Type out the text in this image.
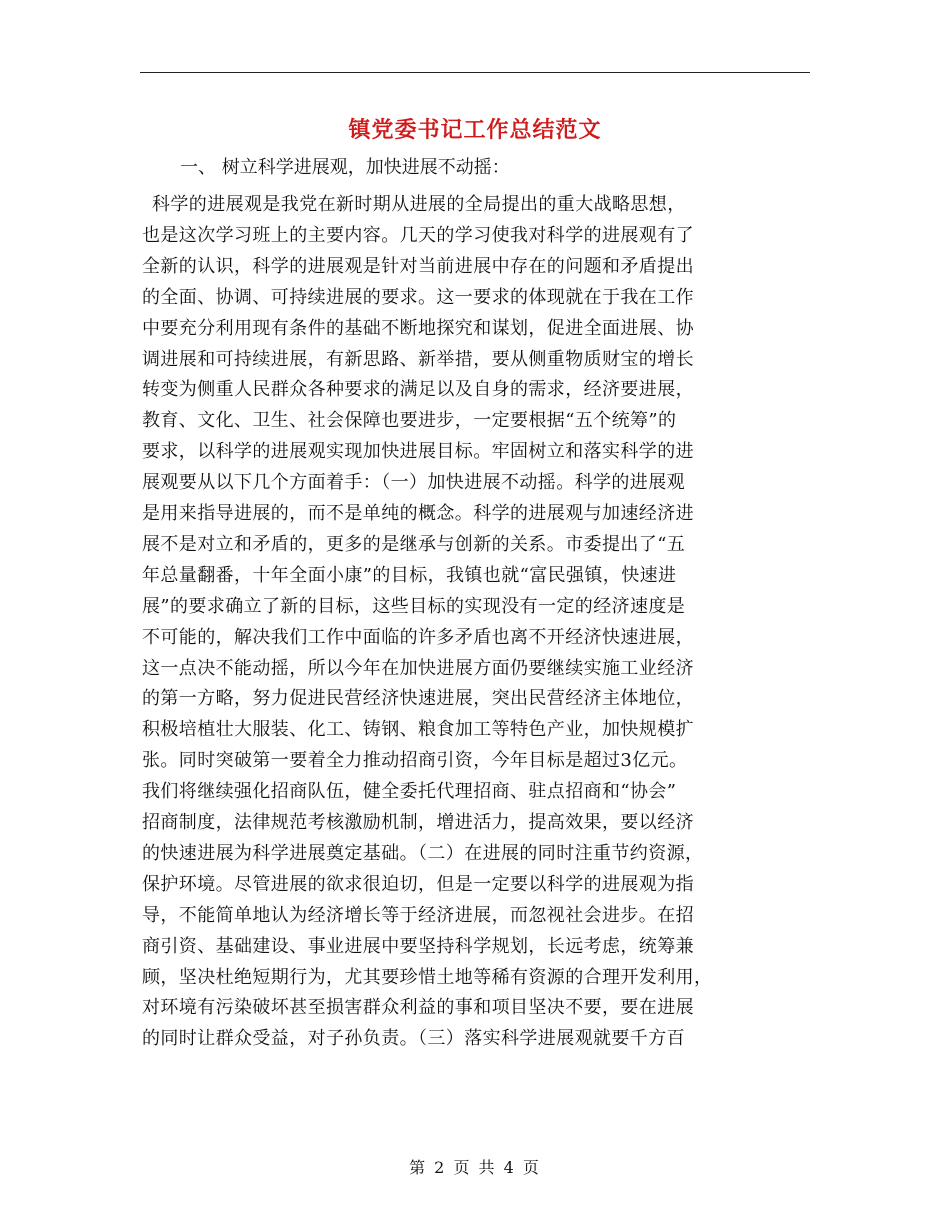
镇党委书记工作总结范文
一、 树立科学进展观，加快进展不动摇：
科学的进展观是我党在新时期从进展的全局提出的重大战略思想，
也是这次学习班上的主要内容。几天的学习使我对科学的进展观有了
全新的认识，科学的进展观是针对当前进展中存在的问题和矛盾提出
的全面、协调、可持续进展的要求。这一要求的体现就在于我在工作
中要充分利用现有条件的基础不断地探究和谋划，促进全面进展、协
调进展和可持续进展，有新思路、新举措，要从侧重物质财宝的增长
转变为侧重人民群众各种要求的满足以及自身的需求，经济要进展，
教育、文化、卫生、社会保障也要进步，一定要根据“五个统筹”的
要求，以科学的进展观实现加快进展目标。牢固树立和落实科学的进
展观要从以下几个方面着手：（一）加快进展不动摇。科学的进展观
是用来指导进展的，而不是单纯的概念。科学的进展观与加速经济进
展不是对立和矛盾的，更多的是继承与创新的关系。市委提出了“五
年总量翻番，十年全面小康”的目标，我镇也就“富民强镇，快速进
展”的要求确立了新的目标，这些目标的实现没有一定的经济速度是
不可能的，解决我们工作中面临的许多矛盾也离不开经济快速进展，
这一点决不能动摇，所以今年在加快进展方面仍要继续实施工业经济
的第一方略，努力促进民营经济快速进展，突出民营经济主体地位，
积极培植壮大服装、化工、铸钢、粮食加工等特色产业，加快规模扩
张。同时突破第一要着全力推动招商引资，今年目标是超过3亿元。
我们将继续强化招商队伍，健全委托代理招商、驻点招商和“协会”
招商制度，法律规范考核激励机制，增进活力，提高效果，要以经济
的快速进展为科学进展奠定基础。（二）在进展的同时注重节约资源，
保护环境。尽管进展的欲求很迫切，但是一定要以科学的进展观为指
导，不能简单地认为经济增长等于经济进展，而忽视社会进步。在招
商引资、基础建设、事业进展中要坚持科学规划，长远考虑，统筹兼
顾，坚决杜绝短期行为，尤其要珍惜土地等稀有资源的合理开发利用，
对环境有污染破坏甚至损害群众利益的事和项目坚决不要，要在进展
的同时让群众受益，对子孙负责。（三）落实科学进展观就要千方百
第 2 页 共 4 页
